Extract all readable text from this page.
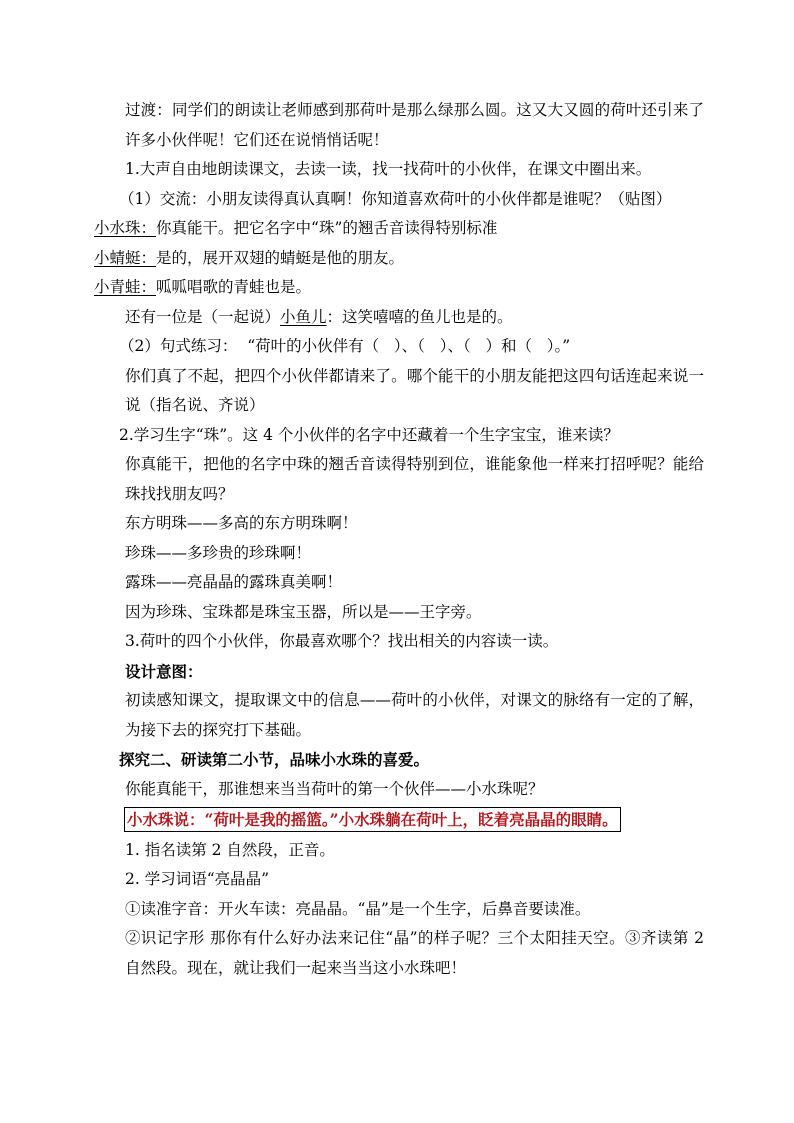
过渡：同学们的朗读让老师感到那荷叶是那么绿那么圆。这又大又圆的荷叶还引来了许多小伙伴呢！它们还在说悄悄话呢！

1.大声自由地朗读课文，去读一读，找一找荷叶的小伙伴，在课文中圈出来。

（1）交流：小朋友读得真认真啊！你知道喜欢荷叶的小伙伴都是谁呢？（贴图）

小水珠：你真能干。把它名字中“珠”的翘舌音读得特别标准

小蜻蜓：是的，展开双翅的蜻蜓是他的朋友。

小青蛙：呱呱唱歌的青蛙也是。

还有一位是（一起说）小鱼儿：这笑嘻嘻的鱼儿也是的。

（2）句式练习：  “荷叶的小伙伴有（   ）、（   ）、（   ）和（   ）。”

你们真了不起，把四个小伙伴都请来了。哪个能干的小朋友能把这四句话连起来说一说（指名说、齐说）

2.学习生字“珠”。这 4 个小伙伴的名字中还藏着一个生字宝宝，谁来读？

你真能干，把他的名字中珠的翘舌音读得特别到位，谁能象他一样来打招呼呢？能给珠找找朋友吗？

东方明珠——多高的东方明珠啊！

珍珠——多珍贵的珍珠啊！

露珠——亮晶晶的露珠真美啊！

因为珍珠、宝珠都是珠宝玉器，所以是——王字旁。

3.荷叶的四个小伙伴，你最喜欢哪个？找出相关的内容读一读。

设计意图：

初读感知课文，提取课文中的信息——荷叶的小伙伴，对课文的脉络有一定的了解，为接下去的探究打下基础。

探究二、研读第二小节，品味小水珠的喜爱。

你能真能干，那谁想来当当荷叶的第一个伙伴——小水珠呢？

小水珠说：“荷叶是我的摇篮。”小水珠躺在荷叶上，眨着亮晶晶的眼睛。

1. 指名读第 2 自然段，正音。

2. 学习词语“亮晶晶”

①读准字音：开火车读：亮晶晶。“晶”是一个生字，后鼻音要读准。

②识记字形 那你有什么好办法来记住“晶”的样子呢？三个太阳挂天空。③齐读第 2 自然段。现在，就让我们一起来当当这小水珠吧！
